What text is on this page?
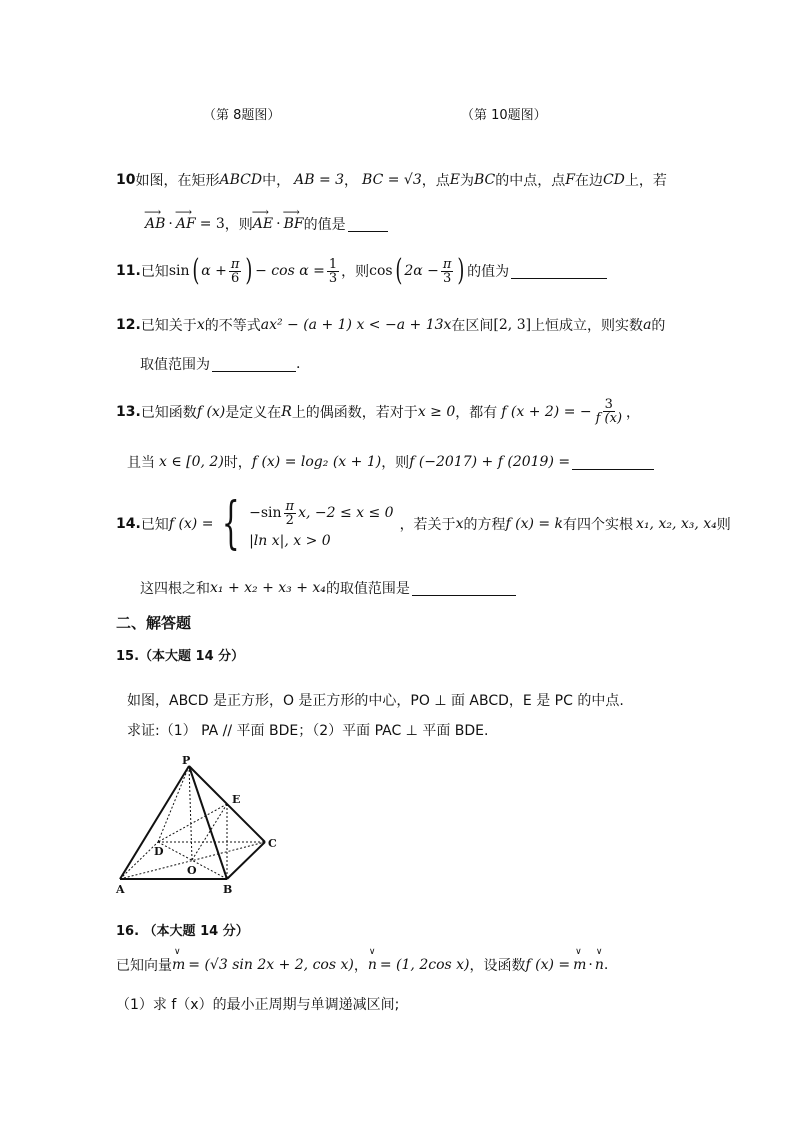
（第 8题图）	（第 10题图）
10 如图，在矩形 ABCD 中， AB = 3 ， BC = √3 ，点 E 为 BC 的中点，点 F 在边 CD 上，若
⟶ AB · ⟶ AF = 3 ，则 ⟶ AE · ⟶ BF 的值是
11. 已知 sin ( $\alpha + \frac{\pi}{6}$ ) − $\cos \alpha = \frac{1}{3}$ ，则 cos ( $2\alpha - \frac{\pi}{3}$ ) 的值为
12. 已知关于 x 的不等式 ax² − (a + 1) x < −a + 13x 在区间 [2, 3] 上恒成立，则实数 a 的
取值范围为	.
13. 已知函数 f (x) 是定义在 R 上的偶函数，若对于 x ≥ 0 ，都有 f (x + 2) = − $\frac{3}{f (x)}$ ，
且当 x ∈ [0, 2) 时， f (x) = log₂ (x + 1) ，则 f (−2017) + f (2019) =
14. 已知 f (x) = { $-\sin \frac{\pi}{2} x$, −2 ≤ x ≤ 0
|ln x|, x > 0
，若关于 x 的方程 f (x) = k 有四个实根 x₁, x₂, x₃, x₄ 则
这四根之和 x₁ + x₂ + x₃ + x₄ 的取值范围是
二、解答题
15.（本大题 14 分）
如图，ABCD 是正方形，O 是正方形的中心，PO ⊥ 面 ABCD，E 是 PC 的中点.
求证:（1） PA // 平面 BDE；（2）平面 PAC ⊥ 平面 BDE.
P
E
C
D
O
A	B
16. （本大题 14 分）
已知向量 m
∨
= (√3 sin 2x + 2, cos x) ， n
∨
= (1, 2cos x) ，设函数 f (x) = m
∨
· n
∨
.
（1）求 f（x）的最小正周期与单调递减区间;
